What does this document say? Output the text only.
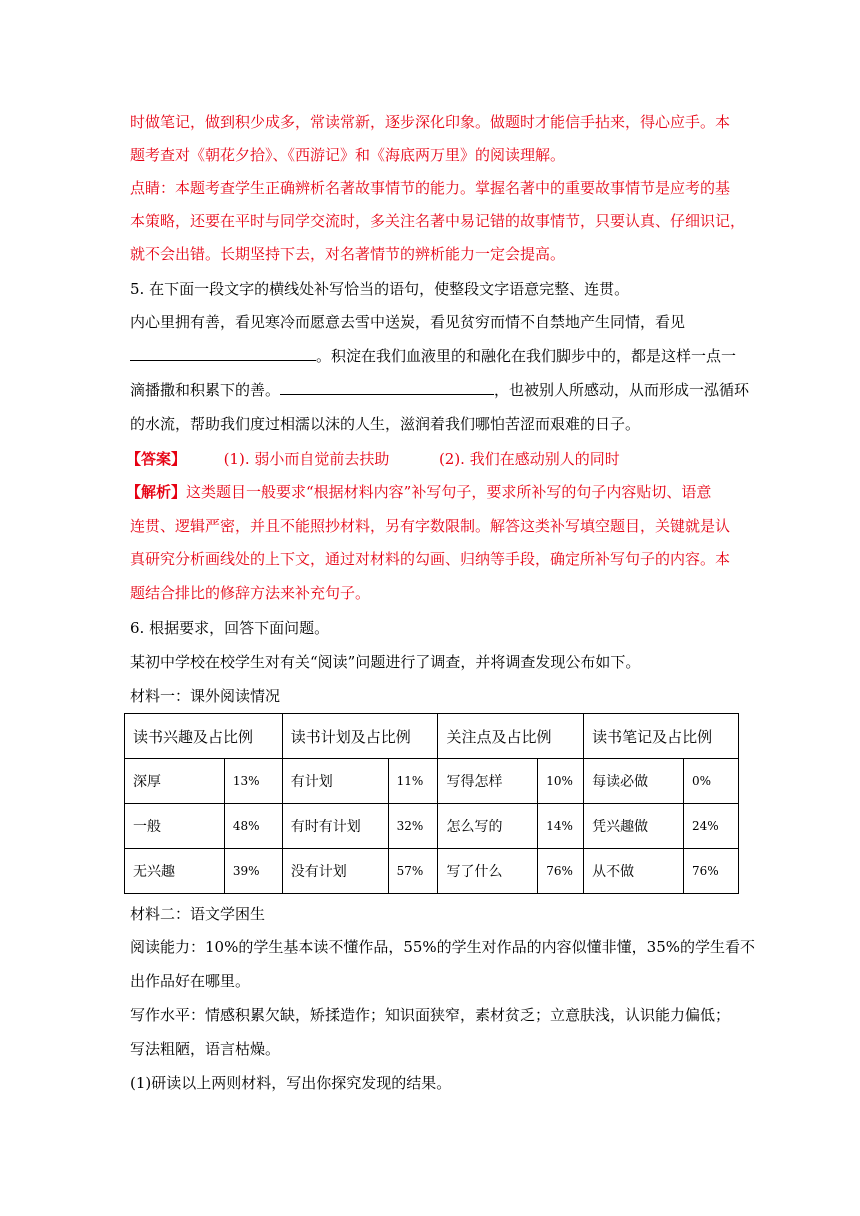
时做笔记，做到积少成多，常读常新，逐步深化印象。做题时才能信手拈来，得心应手。本
题考查对《朝花夕拾》、《西游记》和《海底两万里》的阅读理解。
点睛：本题考查学生正确辨析名著故事情节的能力。掌握名著中的重要故事情节是应考的基
本策略，还要在平时与同学交流时，多关注名著中易记错的故事情节，只要认真、仔细识记，
就不会出错。长期坚持下去，对名著情节的辨析能力一定会提高。
5. 在下面一段文字的横线处补写恰当的语句，使整段文字语意完整、连贯。
内心里拥有善，看见寒冷而愿意去雪中送炭，看见贫穷而情不自禁地产生同情，看见
。积淀在我们血液里的和融化在我们脚步中的，都是这样一点一
滴播撒和积累下的善。	，也被别人所感动，从而形成一泓循环
的水流，帮助我们度过相濡以沫的人生，滋润着我们哪怕苦涩而艰难的日子。
【答案】	(1). 弱小而自觉前去扶助	(2). 我们在感动别人的同时
【解析】这类题目一般要求“根据材料内容”补写句子，要求所补写的句子内容贴切、语意
连贯、逻辑严密，并且不能照抄材料，另有字数限制。解答这类补写填空题目，关键就是认
真研究分析画线处的上下文，通过对材料的勾画、归纳等手段，确定所补写句子的内容。本
题结合排比的修辞方法来补充句子。
6. 根据要求，回答下面问题。
某初中学校在校学生对有关“阅读”问题进行了调查，并将调查发现公布如下。
材料一：课外阅读情况
读书兴趣及占比例		读书计划及占比例		关注点及占比例		读书笔记及占比例	
深厚	13%	有计划	11%	写得怎样	10%	每读必做	0%
一般	48%	有时有计划	32%	怎么写的	14%	凭兴趣做	24%
无兴趣	39%	没有计划	57%	写了什么	76%	从不做	76%
材料二：语文学困生
阅读能力：10%的学生基本读不懂作品，55%的学生对作品的内容似懂非懂，35%的学生看不
出作品好在哪里。
写作水平：情感积累欠缺，矫揉造作；知识面狭窄，素材贫乏；立意肤浅，认识能力偏低；
写法粗陋，语言枯燥。
(1)研读以上两则材料，写出你探究发现的结果。
